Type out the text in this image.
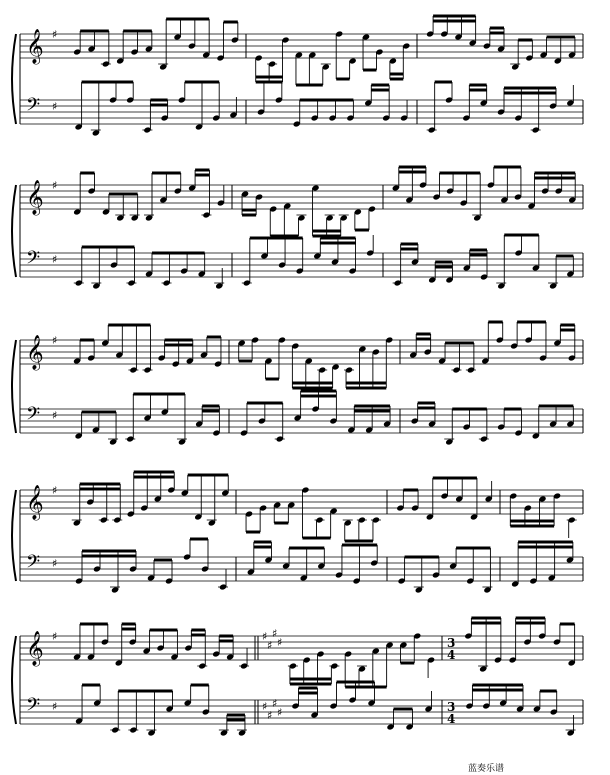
𝄞 ♯
𝄢 ♯
𝄞 ♯
𝄢 ♯
𝄞 ♯
𝄢 ♯
𝄞 ♯
𝄢 ♯
𝄞 ♯	♯
♯
♯
♯	3
4
𝄢 ♯	♯
♯
♯
♯	3
4
蓝奏乐谱
